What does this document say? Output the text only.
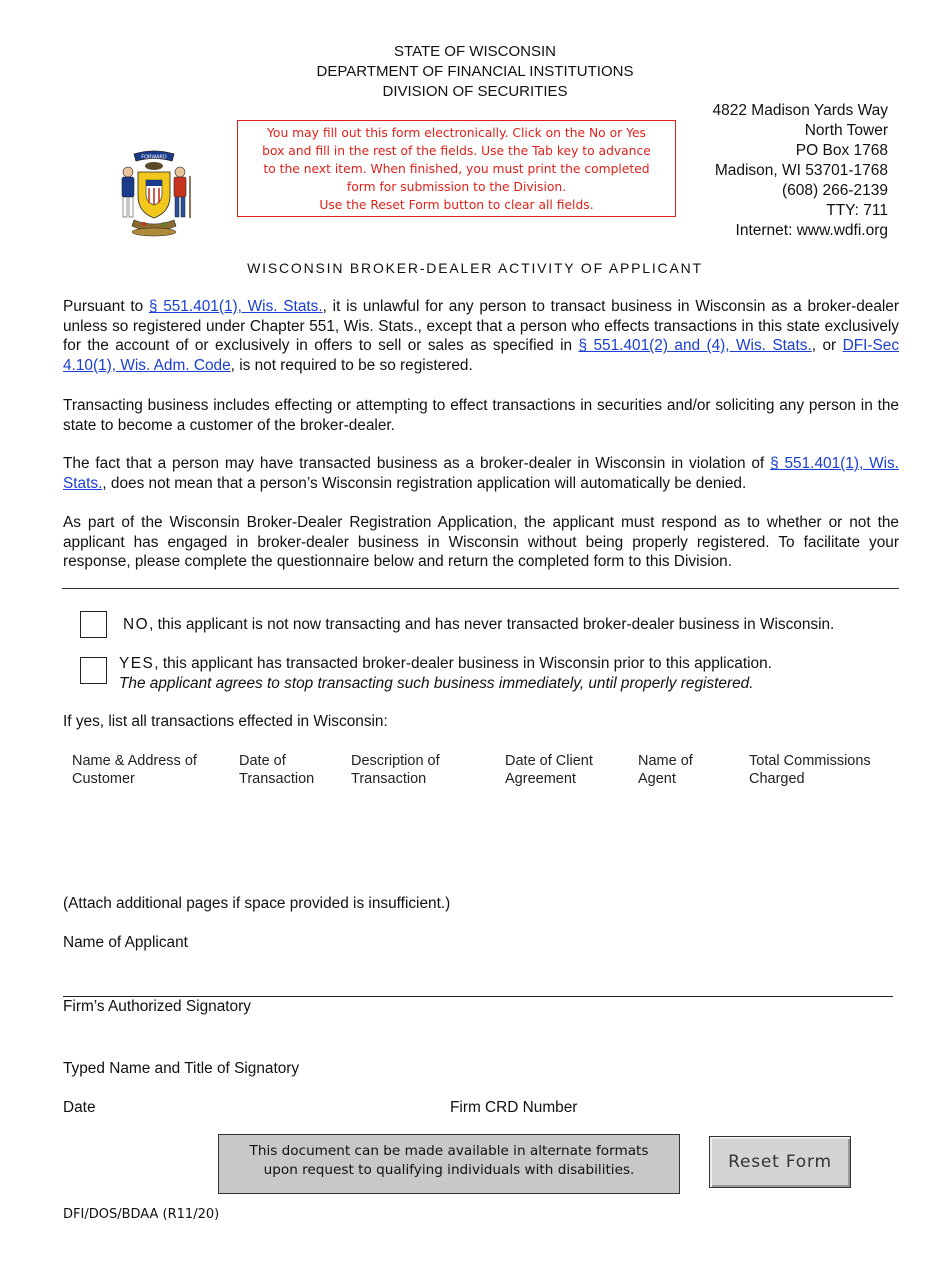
STATE OF WISCONSIN
DEPARTMENT OF FINANCIAL INSTITUTIONS
DIVISION OF SECURITIES
FORWARD
You may fill out this form electronically. Click on the No or Yes
box and fill in the rest of the fields. Use the Tab key to advance
to the next item. When finished, you must print the completed
form for submission to the Division.
Use the Reset Form button to clear all fields.
4822 Madison Yards Way
North Tower
PO Box 1768
Madison, WI 53701-1768
(608) 266-2139
TTY: 711
Internet: www.wdfi.org
WISCONSIN BROKER-DEALER ACTIVITY OF APPLICANT
Pursuant to § 551.401(1), Wis. Stats., it is unlawful for any person to transact business in Wisconsin as a broker-dealer unless so registered under Chapter 551, Wis. Stats., except that a person who effects transactions in this state exclusively for the account of or exclusively in offers to sell or sales as specified in § 551.401(2) and (4), Wis. Stats., or DFI-Sec 4.10(1), Wis. Adm. Code, is not required to be so registered.
Transacting business includes effecting or attempting to effect transactions in securities and/or soliciting any person in the state to become a customer of the broker-dealer.
The fact that a person may have transacted business as a broker-dealer in Wisconsin in violation of § 551.401(1), Wis. Stats., does not mean that a person’s Wisconsin registration application will automatically be denied.
As part of the Wisconsin Broker-Dealer Registration Application, the applicant must respond as to whether or not the applicant has engaged in broker-dealer business in Wisconsin without being properly registered. To facilitate your response, please complete the questionnaire below and return the completed form to this Division.
NO, this applicant is not now transacting and has never transacted broker-dealer business in Wisconsin.
YES, this applicant has transacted broker-dealer business in Wisconsin prior to this application.
The applicant agrees to stop transacting such business immediately, until properly registered.
If yes, list all transactions effected in Wisconsin:
Name & Address of
Customer
Date of
Transaction
Description of
Transaction
Date of Client
Agreement
Name of
Agent
Total Commissions
Charged
(Attach additional pages if space provided is insufficient.)
Name of Applicant
Firm’s Authorized Signatory
Typed Name and Title of Signatory
Date	Firm CRD Number
This document can be made available in alternate formats
upon request to qualifying individuals with disabilities.	Reset Form
DFI/DOS/BDAA (R11/20)
